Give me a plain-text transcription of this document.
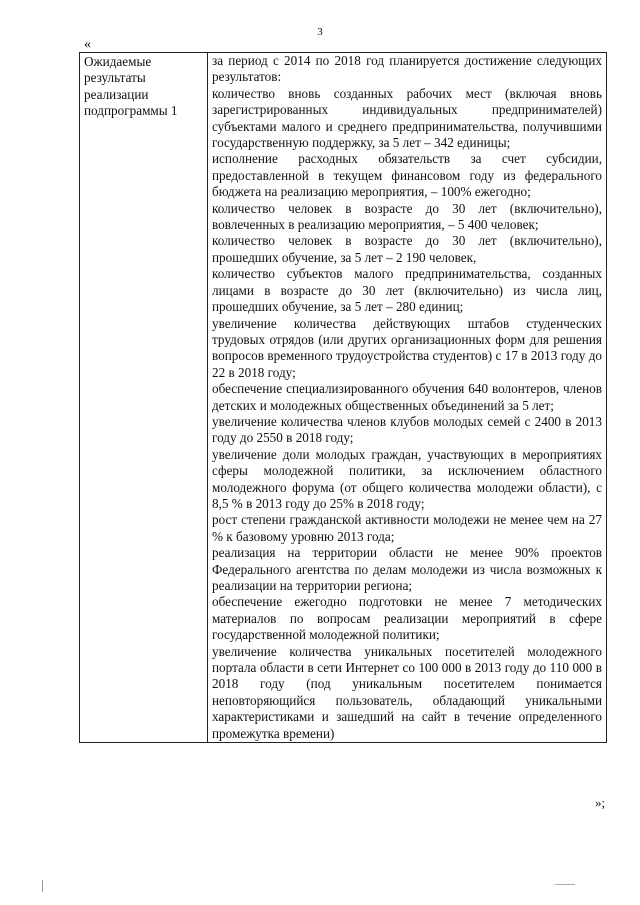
3
«
Ожидаемые результаты реализации подпрограммы 1

за период с 2014 по 2018 год планируется достижение следующих результатов:
количество вновь созданных рабочих мест (включая вновь зарегистрированных индивидуальных предпринимателей) субъектами малого и среднего предпринимательства, получившими государственную поддержку, за 5 лет – 342 единицы;
исполнение расходных обязательств за счет субсидии, предоставленной в текущем финансовом году из федерального бюджета на реализацию мероприятия, – 100% ежегодно;
количество человек в возрасте до 30 лет (включительно), вовлеченных в реализацию мероприятия, – 5 400 человек;
количество человек в возрасте до 30 лет (включительно), прошедших обучение, за 5 лет – 2 190 человек,
количество субъектов малого предпринимательства, созданных лицами в возрасте до 30 лет (включительно) из числа лиц, прошедших обучение, за 5 лет – 280 единиц;
увеличение количества действующих штабов студенческих трудовых отрядов (или других организационных форм для решения вопросов временного трудоустройства студентов) с 17 в 2013 году до 22 в 2018 году;
обеспечение специализированного обучения 640 волонтеров, членов детских и молодежных общественных объединений за 5 лет;
увеличение количества членов клубов молодых семей с 2400 в 2013 году до 2550 в 2018 году;
увеличение доли молодых граждан, участвующих в мероприятиях сферы молодежной политики, за исключением областного молодежного форума (от общего количества молодежи области), с 8,5 % в 2013 году до 25% в 2018 году;
рост степени гражданской активности молодежи не менее чем на 27 % к базовому уровню 2013 года;
реализация на территории области не менее 90% проектов Федерального агентства по делам молодежи из числа возможных к реализации на территории региона;
обеспечение ежегодно подготовки не менее 7 методических материалов по вопросам реализации мероприятий в сфере государственной молодежной политики;
увеличение количества уникальных посетителей молодежного портала области в сети Интернет со 100 000 в 2013 году до 110 000 в 2018 году (под уникальным посетителем понимается неповторяющийся пользователь, обладающий уникальными характеристиками и зашедший на сайт в течение определенного промежутка времени)
»;
